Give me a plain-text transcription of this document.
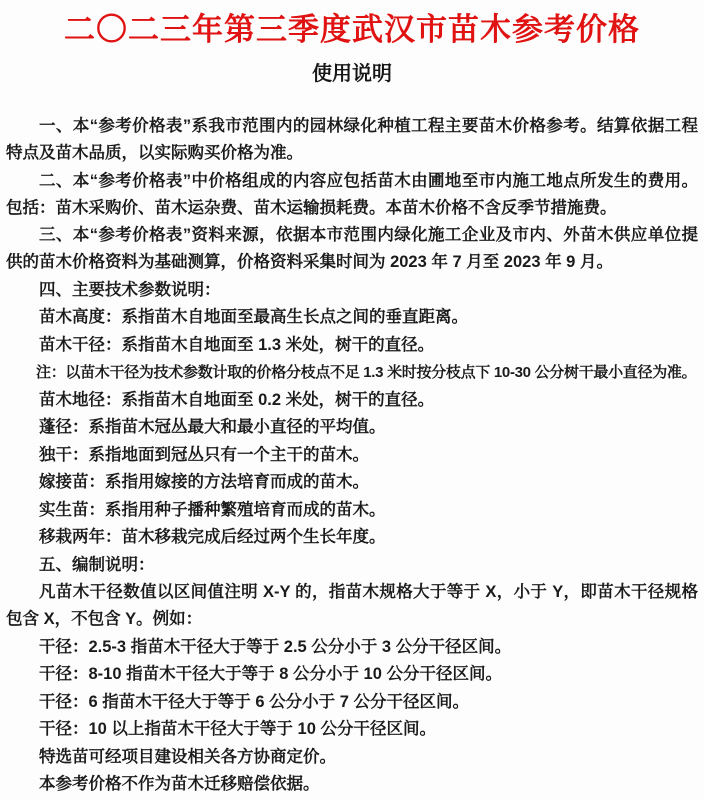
二〇二三年第三季度武汉市苗木参考价格
使用说明

一、本“参考价格表”系我市范围内的园林绿化种植工程主要苗木价格参考。结算依据工程特点及苗木品质，以实际购买价格为准。

二、本“参考价格表”中价格组成的内容应包括苗木由圃地至市内施工地点所发生的费用。包括：苗木采购价、苗木运杂费、苗木运输损耗费。本苗木价格不含反季节措施费。

三、本“参考价格表”资料来源，依据本市范围内绿化施工企业及市内、外苗木供应单位提供的苗木价格资料为基础测算，价格资料采集时间为 2023 年 7 月至 2023 年 9 月。

四、主要技术参数说明：

苗木高度：系指苗木自地面至最高生长点之间的垂直距离。

苗木干径：系指苗木自地面至 1.3 米处，树干的直径。

注：以苗木干径为技术参数计取的价格分枝点不足 1.3 米时按分枝点下 10-30 公分树干最小直径为准。

苗木地径：系指苗木自地面至 0.2 米处，树干的直径。

蓬径：系指苗木冠丛最大和最小直径的平均值。

独干：系指地面到冠丛只有一个主干的苗木。

嫁接苗：系指用嫁接的方法培育而成的苗木。

实生苗：系指用种子播种繁殖培育而成的苗木。

移栽两年：苗木移栽完成后经过两个生长年度。

五、编制说明：

凡苗木干径数值以区间值注明 X-Y 的，指苗木规格大于等于 X，小于 Y，即苗木干径规格包含 X，不包含 Y。例如：

干径：2.5-3 指苗木干径大于等于 2.5 公分小于 3 公分干径区间。

干径：8-10 指苗木干径大于等于 8 公分小于 10 公分干径区间。

干径：6 指苗木干径大于等于 6 公分小于 7 公分干径区间。

干径：10 以上指苗木干径大于等于 10 公分干径区间。

特选苗可经项目建设相关各方协商定价。

本参考价格不作为苗木迁移赔偿依据。
